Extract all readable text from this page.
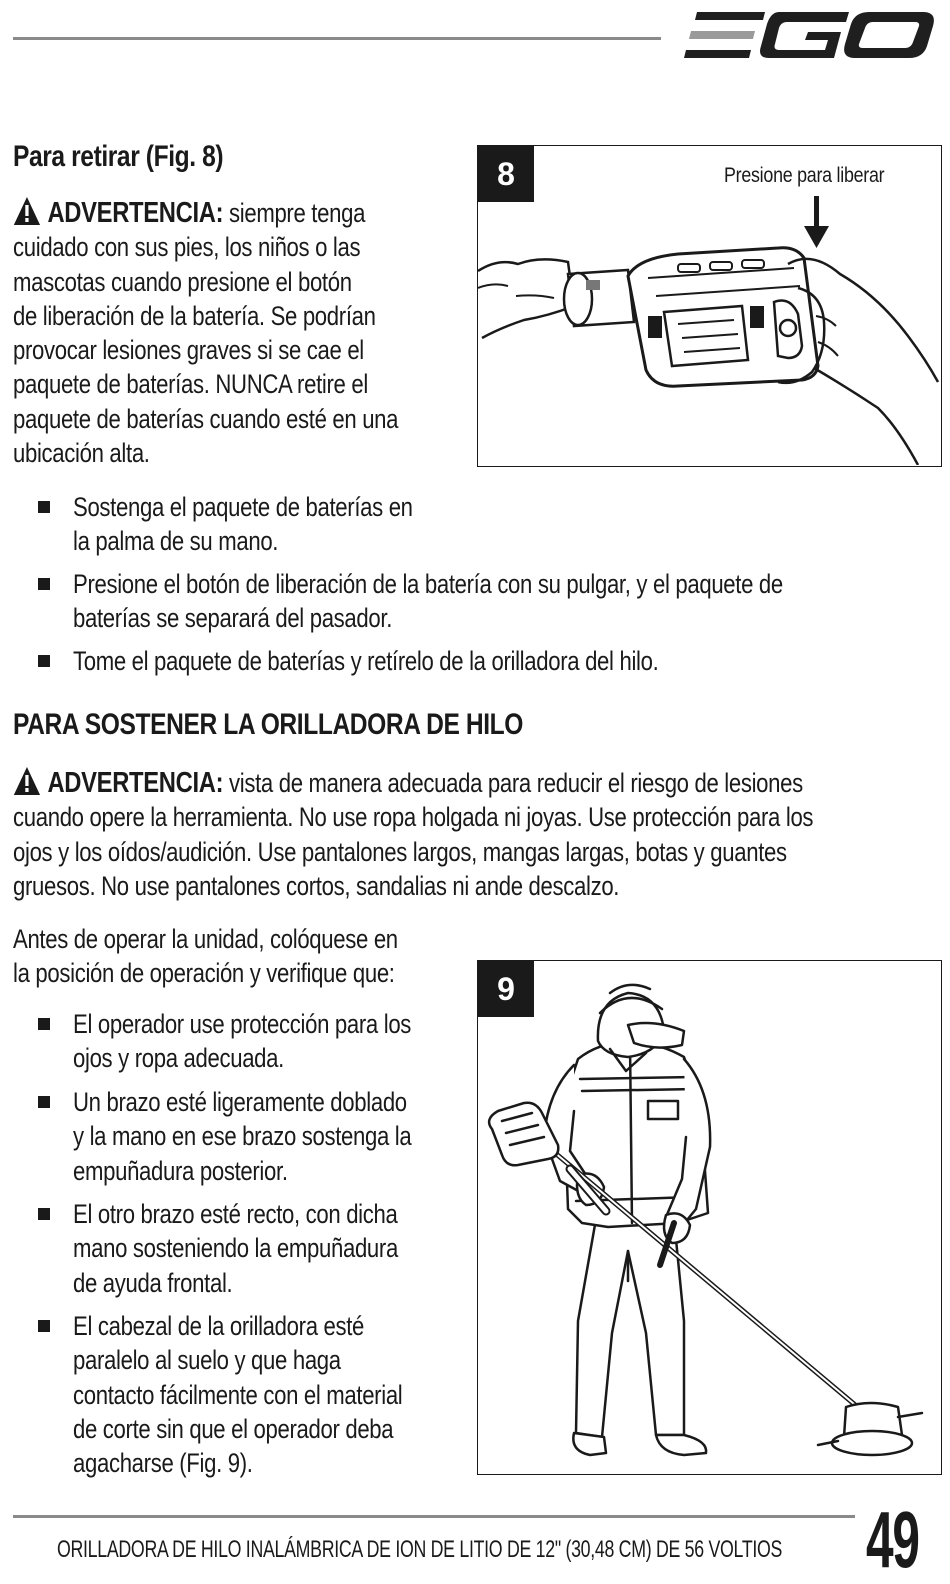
Para retirar (Fig. 8)
ADVERTENCIA: siempre tenga
cuidado con sus pies, los niños o las
mascotas cuando presione el botón
de liberación de la batería. Se podrían
provocar lesiones graves si se cae el
paquete de baterías. NUNCA retire el
paquete de baterías cuando esté en una
ubicación alta.
8	Presione para liberar
Sostenga el paquete de baterías en
la palma de su mano.
Presione el botón de liberación de la batería con su pulgar, y el paquete de
baterías se separará del pasador.
Tome el paquete de baterías y retírelo de la orilladora del hilo.
PARA SOSTENER LA ORILLADORA DE HILO
ADVERTENCIA: vista de manera adecuada para reducir el riesgo de lesiones
cuando opere la herramienta. No use ropa holgada ni joyas. Use protección para los
ojos y los oídos/audición. Use pantalones largos, mangas largas, botas y guantes
gruesos. No use pantalones cortos, sandalias ni ande descalzo.
Antes de operar la unidad, colóquese en
la posición de operación y verifique que:
El operador use protección para los
ojos y ropa adecuada.
Un brazo esté ligeramente doblado
y la mano en ese brazo sostenga la
empuñadura posterior.
El otro brazo esté recto, con dicha
mano sosteniendo la empuñadura
de ayuda frontal.
El cabezal de la orilladora esté
paralelo al suelo y que haga
contacto fácilmente con el material
de corte sin que el operador deba
agacharse (Fig. 9).
9
ORILLADORA DE HILO INALÁMBRICA DE ION DE LITIO DE 12" (30,48 CM) DE 56 VOLTIOS 49
